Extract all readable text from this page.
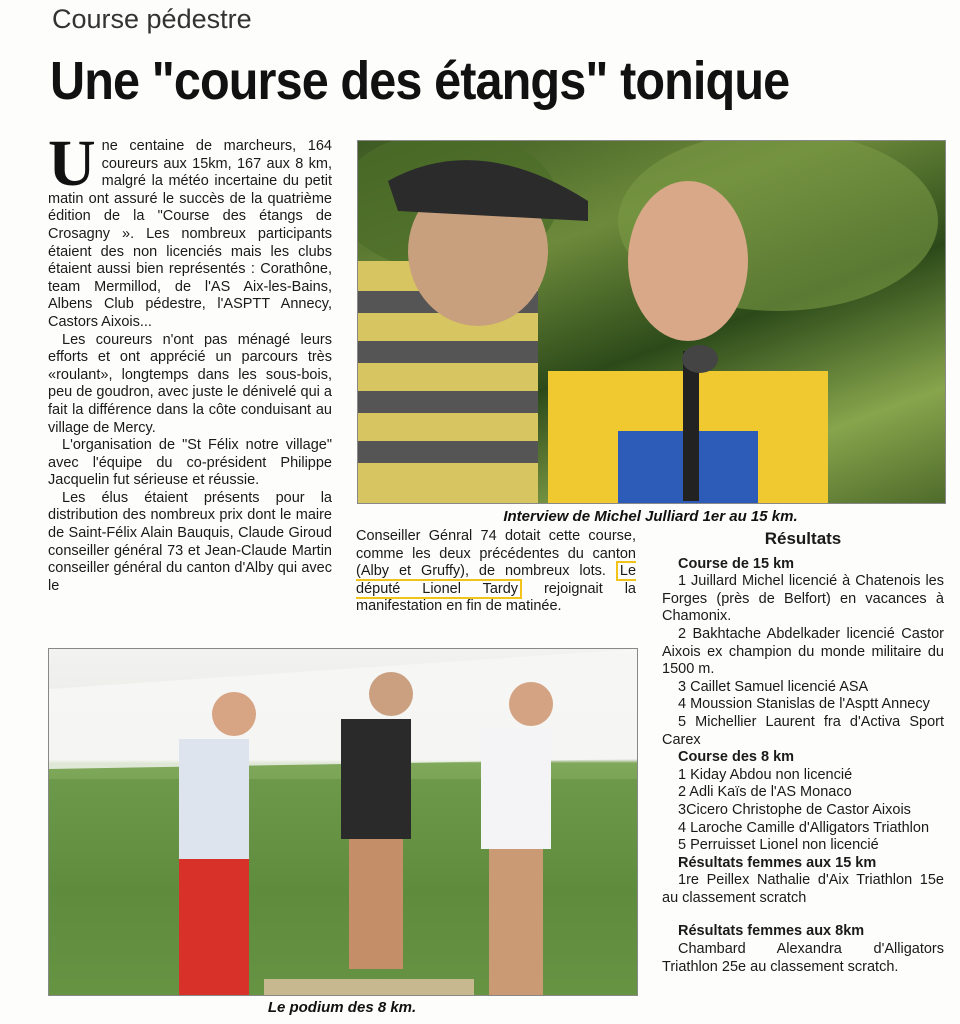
Course pédestre
Une "course des étangs" tonique

Une centaine de marcheurs, 164 coureurs aux 15km, 167 aux 8 km, malgré la météo incertaine du petit matin ont assuré le succès de la quatrième édition de la "Course des étangs de Crosagny ». Les nombreux participants étaient des non licenciés mais les clubs étaient aussi bien représentés : Corathône, team Mermillod, de l'AS Aix-les-Bains, Albens Club pédestre, l'ASPTT Annecy, Castors Aixois...

Les coureurs n'ont pas ménagé leurs efforts et ont apprécié un parcours très «roulant», longtemps dans les sous-bois, peu de goudron, avec juste le dénivelé qui a fait la différence dans la côte conduisant au village de Mercy.

L'organisation de "St Félix notre village" avec l'équipe du co-président Philippe Jacquelin fut sérieuse et réussie.

Les élus étaient présents pour la distribution des nombreux prix dont le maire de Saint-Félix Alain Bauquis, Claude Giroud conseiller général 73 et Jean-Claude Martin conseiller général du canton d'Alby qui avec le

Interview de Michel Julliard 1er au 15 km.

Conseiller Génral 74 dotait cette course, comme les deux précédentes du canton (Alby et Gruffy), de nombreux lots. Le député Lionel Tardy rejoignait la manifestation en fin de matinée.

Le podium des 8 km.
Résultats
Course de 15 km
1 Juillard Michel licencié à Chatenois les Forges (près de Belfort) en vacances à Chamonix.
2 Bakhtache Abdelkader licencié Castor Aixois ex champion du monde militaire du 1500 m.
3 Caillet Samuel licencié ASA
4 Moussion Stanislas de l'Asptt Annecy
5 Michellier Laurent fra d'Activa Sport Carex
Course des 8 km
1 Kiday Abdou non licencié
2 Adli Kaïs de l'AS Monaco
3Cicero Christophe de Castor Aixois
4 Laroche Camille d'Alligators Triathlon
5 Perruisset Lionel non licencié
Résultats femmes aux 15 km
1re Peillex Nathalie d'Aix Triathlon 15e au classement scratch
Résultats femmes aux 8km
Chambard Alexandra d'Alligators Triathlon 25e au classement scratch.
